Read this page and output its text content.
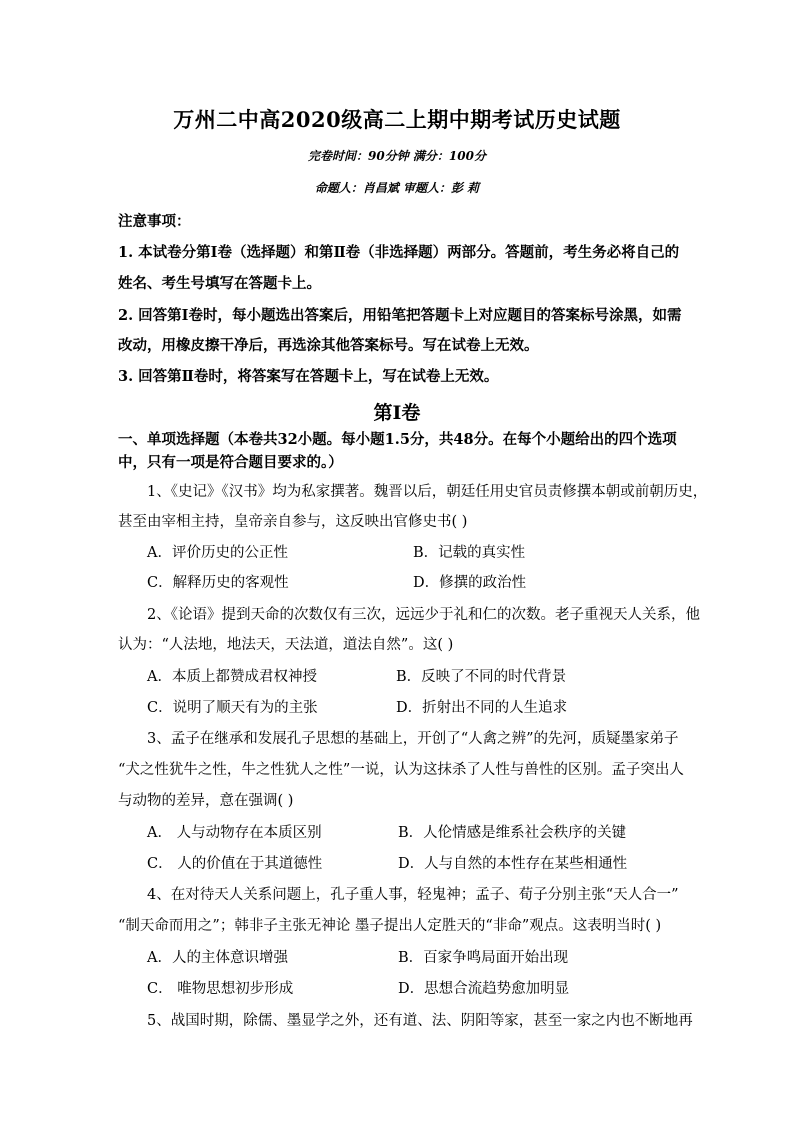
万州二中高2020级高二上期中期考试历史试题
完卷时间：90分钟 满分：100分
命题人：肖昌斌 审题人：彭 莉
注意事项：
1. 本试卷分第Ⅰ卷（选择题）和第Ⅱ卷（非选择题）两部分。答题前，考生务必将自己的
姓名、考生号填写在答题卡上。
2. 回答第Ⅰ卷时，每小题选出答案后，用铅笔把答题卡上对应题目的答案标号涂黑，如需
改动，用橡皮擦干净后，再选涂其他答案标号。写在试卷上无效。
3. 回答第Ⅱ卷时，将答案写在答题卡上，写在试卷上无效。
第Ⅰ卷
一、单项选择题（本卷共32小题。每小题1.5分，共48分。在每个小题给出的四个选项
中，只有一项是符合题目要求的。）
1、《史记》《汉书》均为私家撰著。魏晋以后，朝廷任用史官员责修撰本朝或前朝历史，
甚至由宰相主持，皇帝亲自参与，这反映出官修史书( )
A．评价历史的公正性	B．记载的真实性
C．解释历史的客观性	D．修撰的政治性
2、《论语》提到天命的次数仅有三次，远远少于礼和仁的次数。老子重视天人关系，他
认为：“人法地，地法天，天法道，道法自然”。这( )
A．本质上都赞成君权神授	B．反映了不同的时代背景
C．说明了顺天有为的主张	D．折射出不同的人生追求
3、孟子在继承和发展孔子思想的基础上，开创了“人禽之辨”的先河，质疑墨家弟子
“犬之性犹牛之性，牛之性犹人之性”一说，认为这抹杀了人性与兽性的区别。孟子突出人
与动物的差异，意在强调( )
A． 人与动物存在本质区别	B．人伦情感是维系社会秩序的关键
C． 人的价值在于其道德性	D．人与自然的本性存在某些相通性
4、在对待天人关系问题上，孔子重人事，轻鬼神；孟子、荀子分别主张“天人合一”
“制天命而用之”；韩非子主张无神论 墨子提出人定胜天的“非命”观点。这表明当时( )
A．人的主体意识增强	B．百家争鸣局面开始出现
C． 唯物思想初步形成	D．思想合流趋势愈加明显
5、战国时期，除儒、墨显学之外，还有道、法、阴阳等家，甚至一家之内也不断地再
